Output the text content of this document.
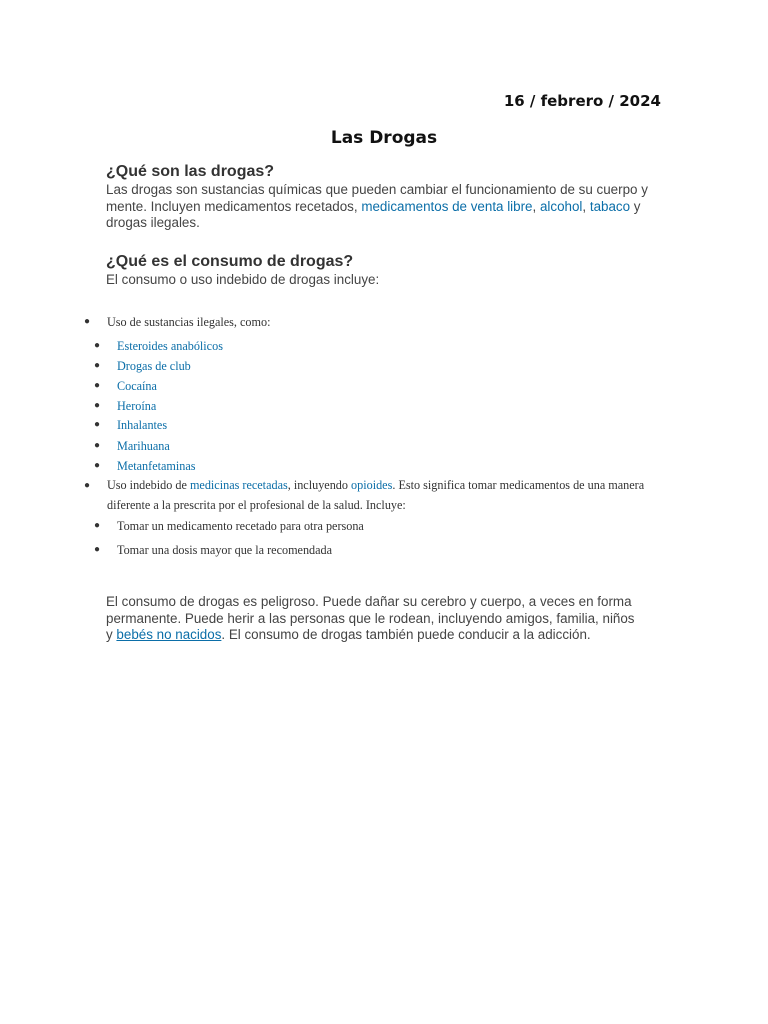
16 / febrero / 2024
Las Drogas
¿Qué son las drogas?
Las drogas son sustancias químicas que pueden cambiar el funcionamiento de su cuerpo y mente. Incluyen medicamentos recetados, medicamentos de venta libre, alcohol, tabaco y drogas ilegales.
¿Qué es el consumo de drogas?
El consumo o uso indebido de drogas incluye:
● Uso de sustancias ilegales, como:
● Esteroides anabólicos
● Drogas de club
● Cocaína
● Heroína
● Inhalantes
● Marihuana
● Metanfetaminas
● Uso indebido de medicinas recetadas, incluyendo opioides. Esto significa tomar medicamentos de una manera diferente a la prescrita por el profesional de la salud. Incluye:
● Tomar un medicamento recetado para otra persona
● Tomar una dosis mayor que la recomendada
El consumo de drogas es peligroso. Puede dañar su cerebro y cuerpo, a veces en forma permanente. Puede herir a las personas que le rodean, incluyendo amigos, familia, niños y bebés no nacidos. El consumo de drogas también puede conducir a la adicción.
